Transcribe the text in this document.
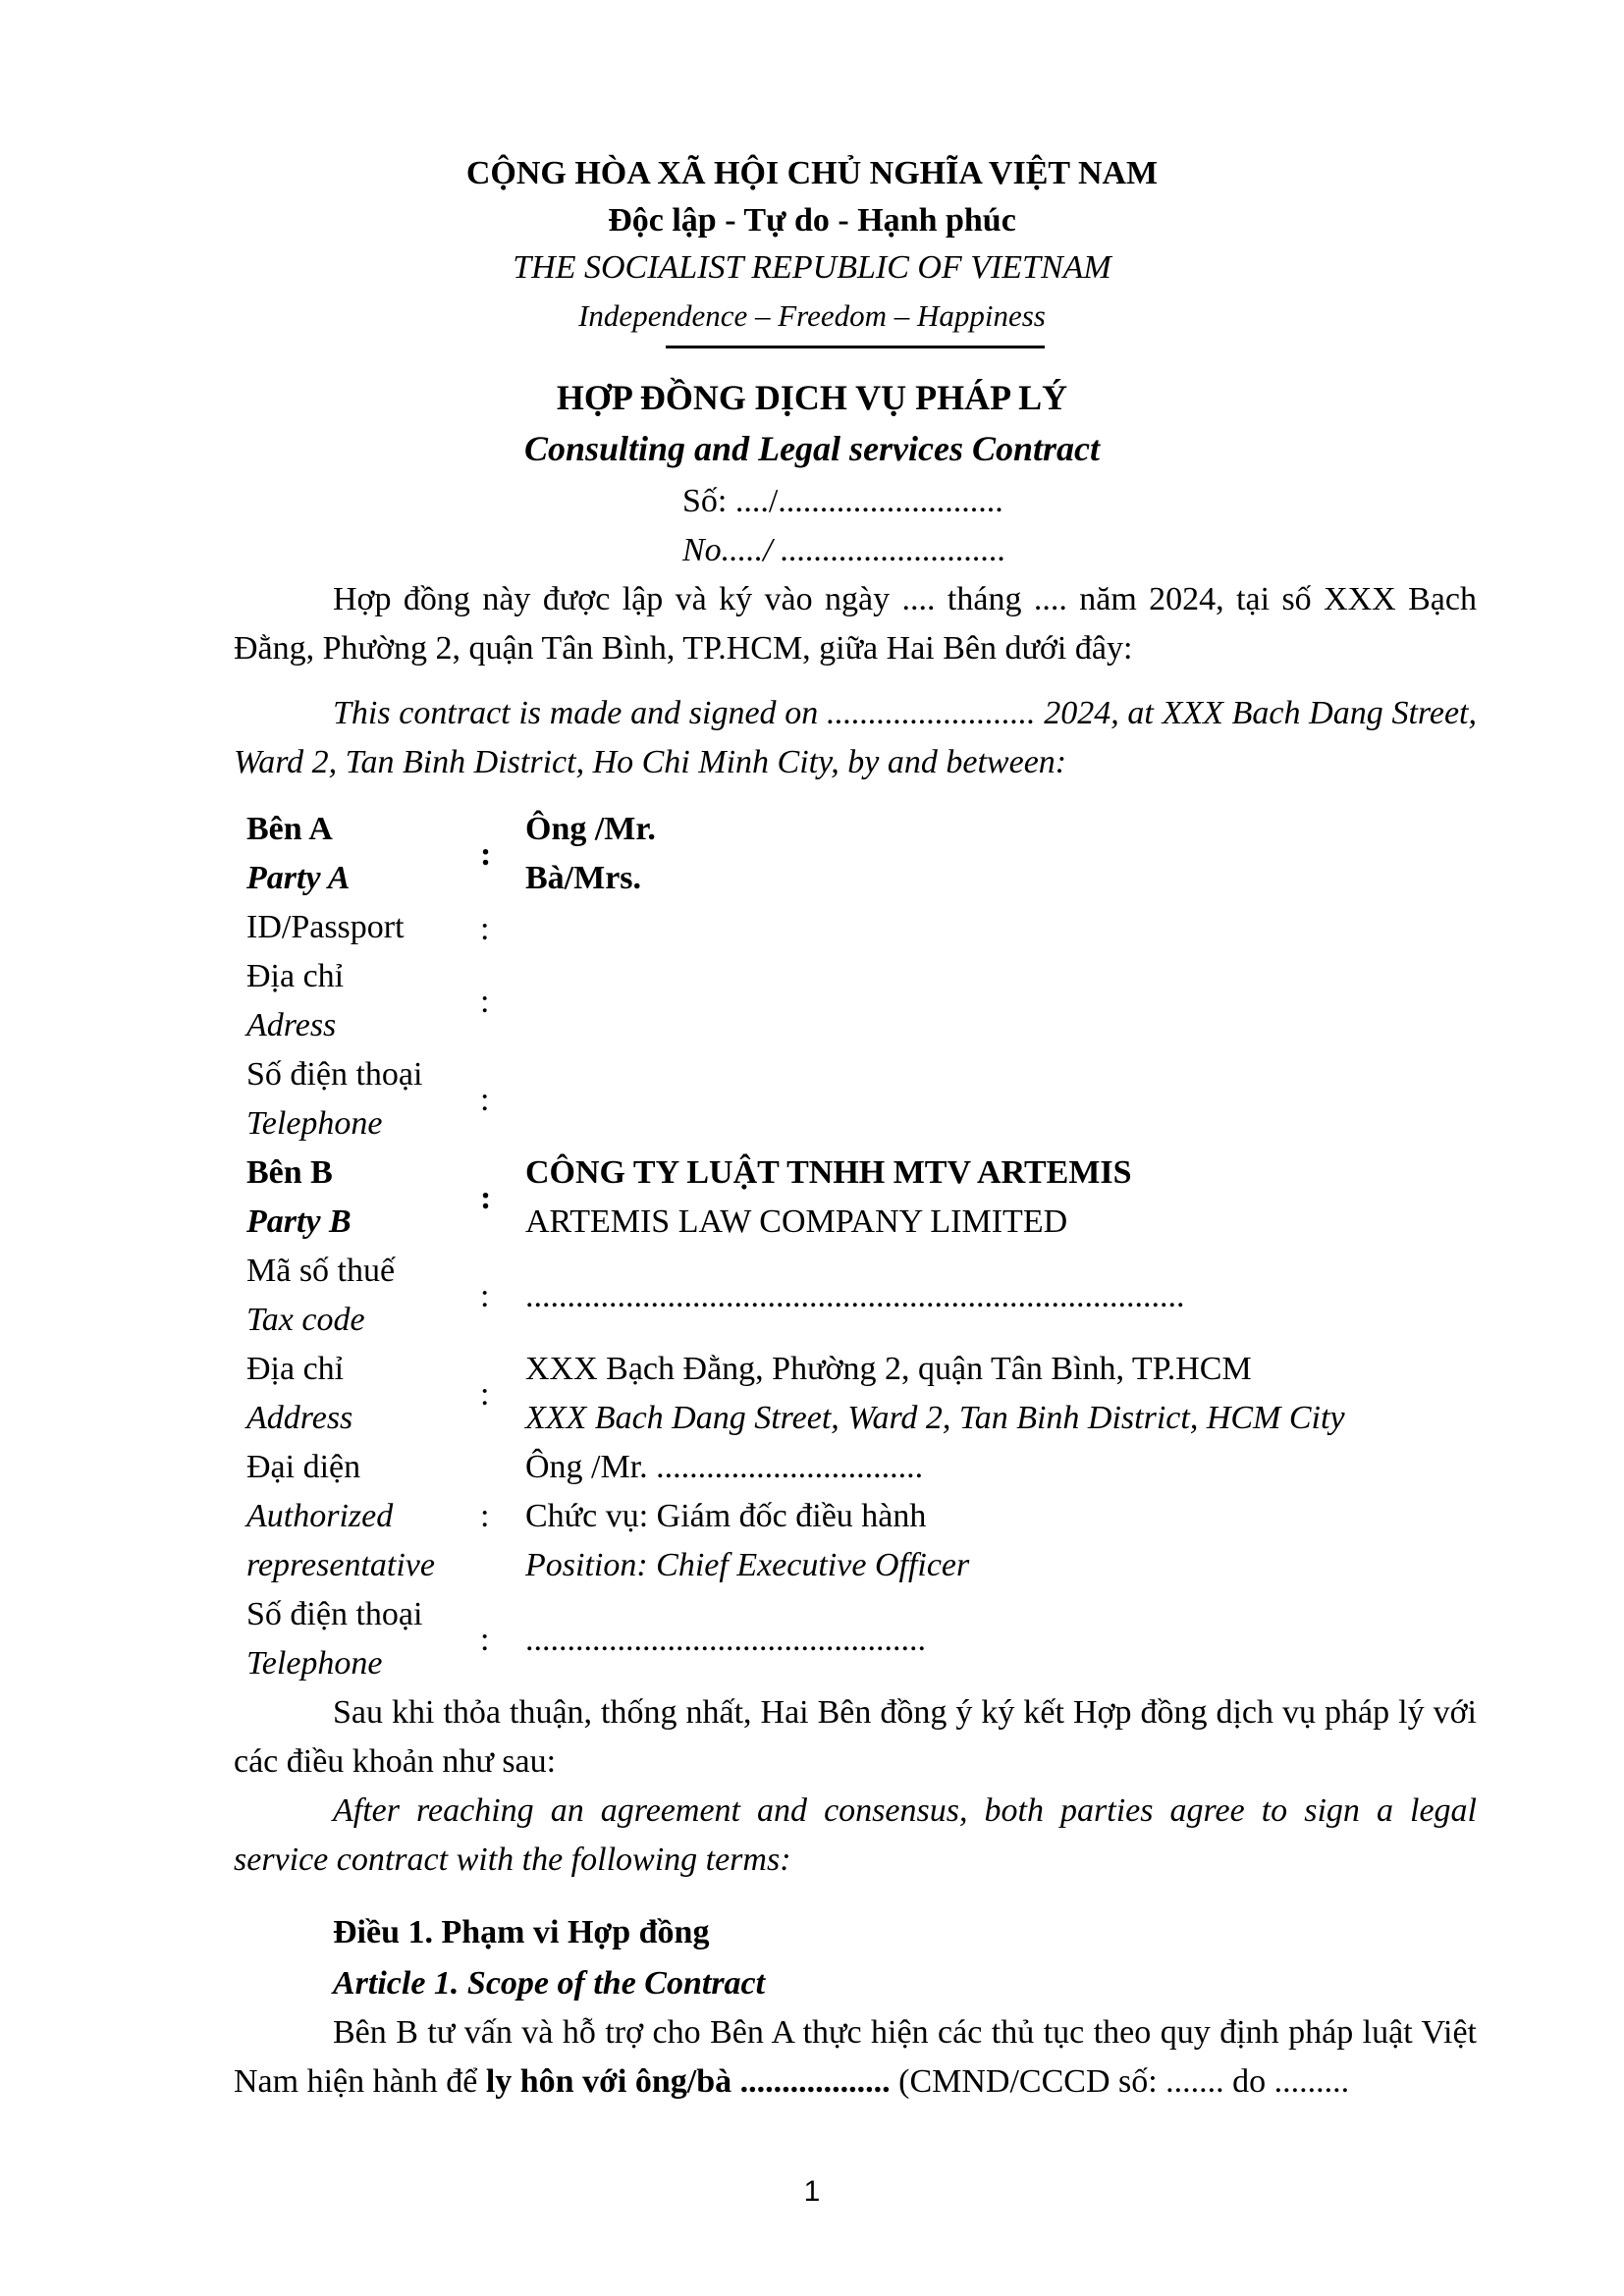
CỘNG HÒA XÃ HỘI CHỦ NGHĨA VIỆT NAM
Độc lập - Tự do - Hạnh phúc
THE SOCIALIST REPUBLIC OF VIETNAM
Independence – Freedom – Happiness
HỢP ĐỒNG DỊCH VỤ PHÁP LÝ
Consulting and Legal services Contract
Số: ..../...........................
No...../ ...........................
Hợp đồng này được lập và ký vào ngày .... tháng .... năm 2024, tại số XXX Bạch Đằng, Phường 2, quận Tân Bình, TP.HCM, giữa Hai Bên dưới đây:
This contract is made and signed on ......................... 2024, at XXX Bach Dang Street, Ward 2, Tan Binh District, Ho Chi Minh City, by and between:
Bên A
Party A
:
Ông /Mr.
Bà/Mrs.
ID/Passport :
Địa chỉ
Adress
:
Số điện thoại
Telephone
:
Bên B
Party B
:
CÔNG TY LUẬT TNHH MTV ARTEMIS
ARTEMIS LAW COMPANY LIMITED
Mã số thuế
Tax code
: ...............................................................................
Địa chỉ
Address
:
XXX Bạch Đằng, Phường 2, quận Tân Bình, TP.HCM
XXX Bach Dang Street, Ward 2, Tan Binh District, HCM City
Đại diện
Authorized
representative
:
Ông /Mr. ................................
Chức vụ: Giám đốc điều hành
Position: Chief Executive Officer
Số điện thoại
Telephone
: ................................................
Sau khi thỏa thuận, thống nhất, Hai Bên đồng ý ký kết Hợp đồng dịch vụ pháp lý với các điều khoản như sau:
After reaching an agreement and consensus, both parties agree to sign a legal service contract with the following terms:
Điều 1. Phạm vi Hợp đồng
Article 1. Scope of the Contract
Bên B tư vấn và hỗ trợ cho Bên A thực hiện các thủ tục theo quy định pháp luật Việt Nam hiện hành để ly hôn với ông/bà .................. (CMND/CCCD số: ....... do .........
1
